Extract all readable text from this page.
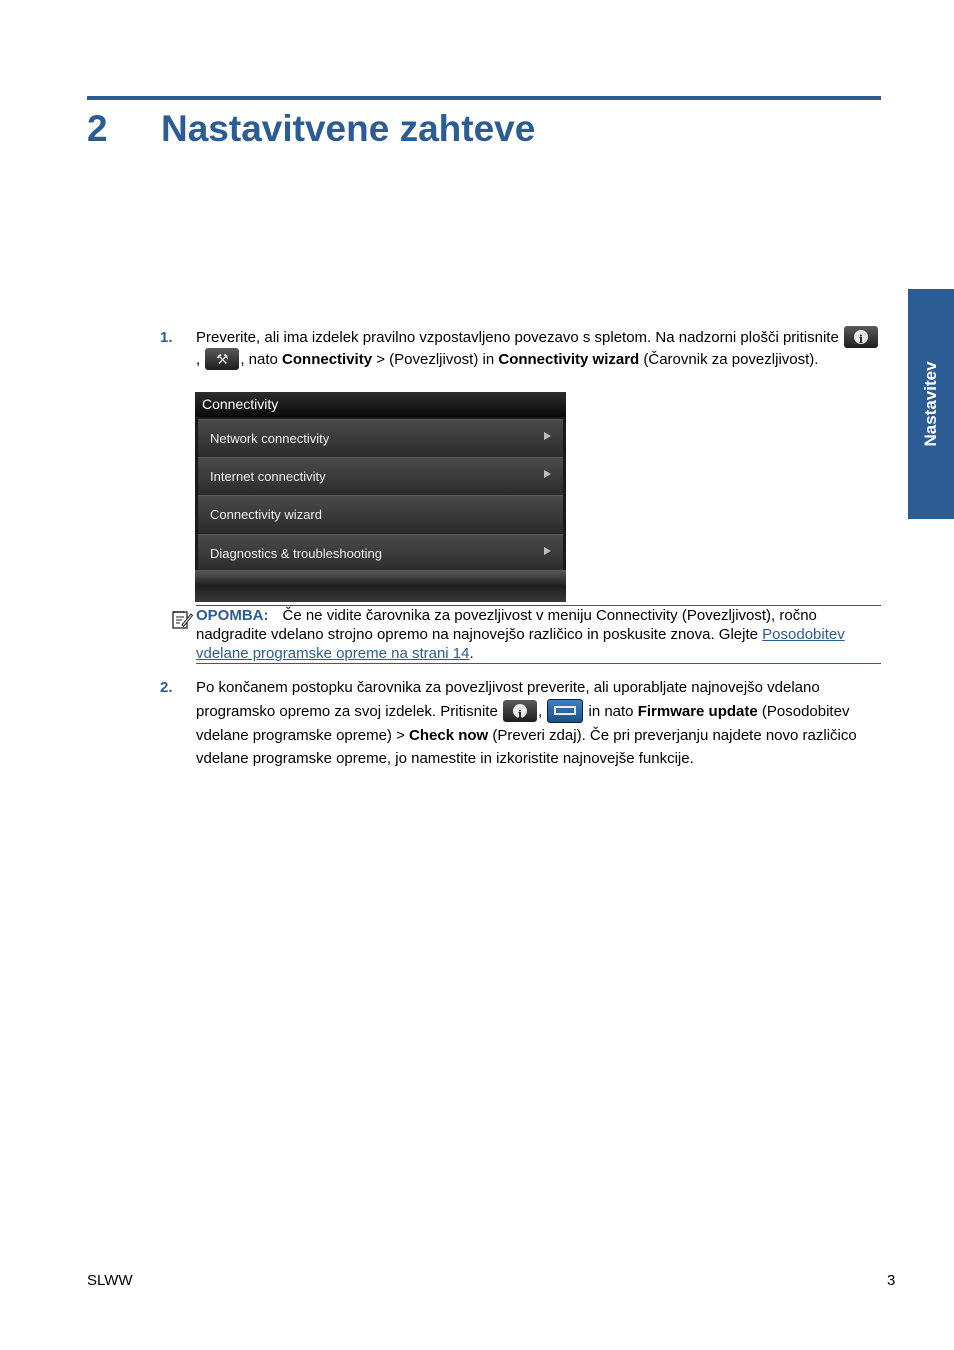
2 Nastavitvene zahteve
Nastavitev
1. Preverite, ali ima izdelek pravilno vzpostavljeno povezavo s spletom. Na nadzorni plošči pritisnite i, ⚒	, nato Connectivity > (Povezljivost) in Connectivity wizard (Čarovnik za povezljivost).
Connectivity
Network connectivity
Internet connectivity
Connectivity wizard
Diagnostics & troubleshooting
OPOMBA: Če ne vidite čarovnika za povezljivost v meniju Connectivity (Povezljivost), ročno nadgradite vdelano strojno opremo na najnovejšo različico in poskusite znova. Glejte Posodobitev vdelane programske opreme na strani 14.
2. Po končanem postopku čarovnika za povezljivost preverite, ali uporabljate najnovejšo vdelano programsko opremo za svoj izdelek. Pritisnite i,	in nato Firmware update (Posodobitev vdelane programske opreme) > Check now (Preveri zdaj). Če pri preverjanju najdete novo različico vdelane programske opreme, jo namestite in izkoristite najnovejše funkcije.
SLWW	3
